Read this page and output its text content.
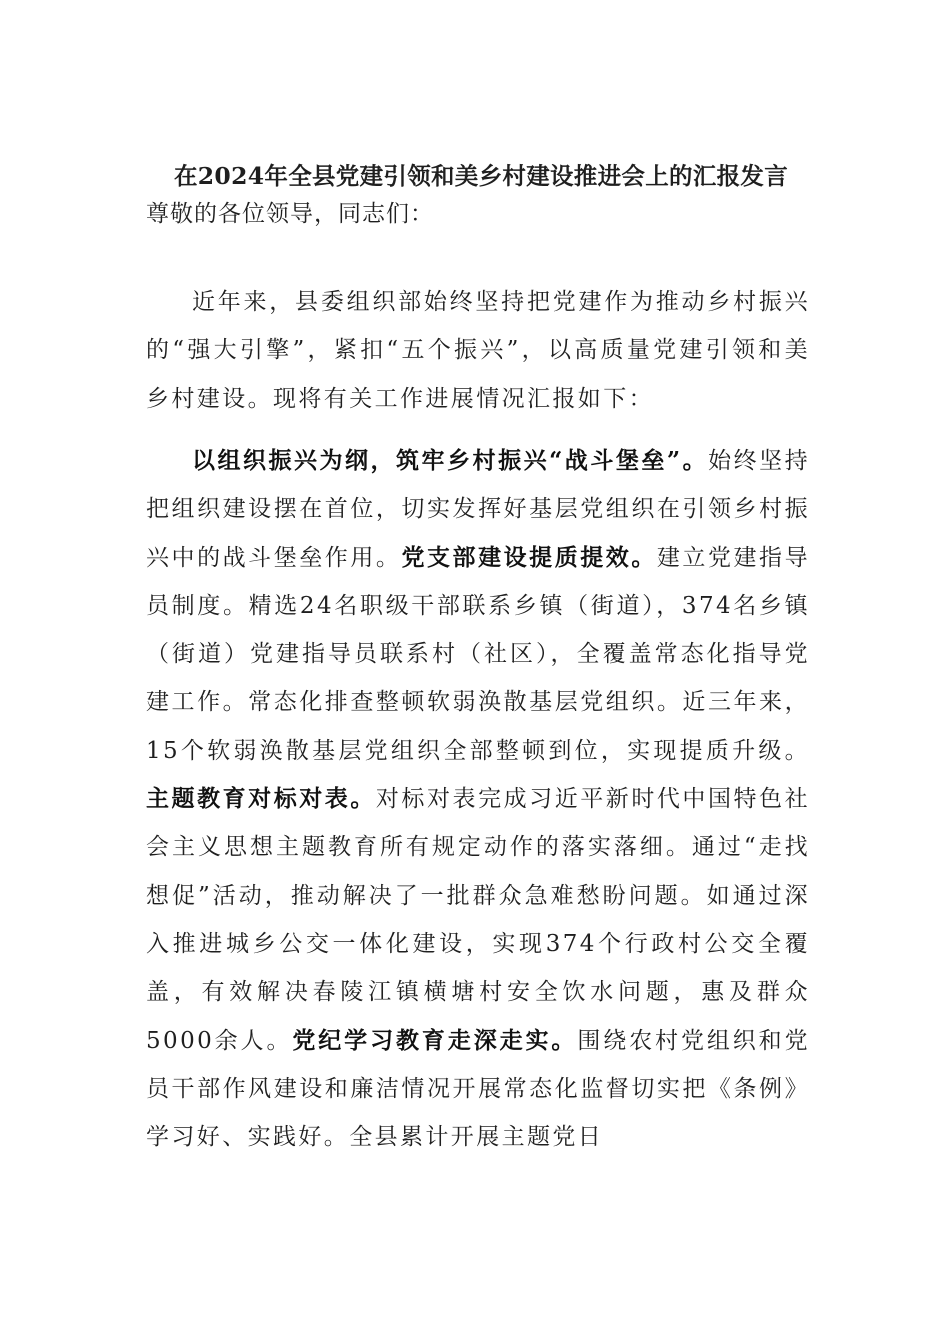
在2024年全县党建引领和美乡村建设推进会上的汇报发言

尊敬的各位领导，同志们：

近年来，县委组织部始终坚持把党建作为推动乡村振兴的“强大引擎”，紧扣“五个振兴”，以高质量党建引领和美乡村建设。现将有关工作进展情况汇报如下：

以组织振兴为纲，筑牢乡村振兴“战斗堡垒”。始终坚持把组织建设摆在首位，切实发挥好基层党组织在引领乡村振兴中的战斗堡垒作用。党支部建设提质提效。建立党建指导员制度。精选24名职级干部联系乡镇（街道），374名乡镇（街道）党建指导员联系村（社区），全覆盖常态化指导党建工作。常态化排查整顿软弱涣散基层党组织。近三年来，15个软弱涣散基层党组织全部整顿到位，实现提质升级。主题教育对标对表。对标对表完成习近平新时代中国特色社会主义思想主题教育所有规定动作的落实落细。通过“走找想促”活动，推动解决了一批群众急难愁盼问题。如通过深入推进城乡公交一体化建设，实现374个行政村公交全覆盖，有效解决春陵江镇横塘村安全饮水问题，惠及群众5000余人。党纪学习教育走深走实。围绕农村党组织和党员干部作风建设和廉洁情况开展常态化监督切实把《条例》学习好、实践好。全县累计开展主题党日
